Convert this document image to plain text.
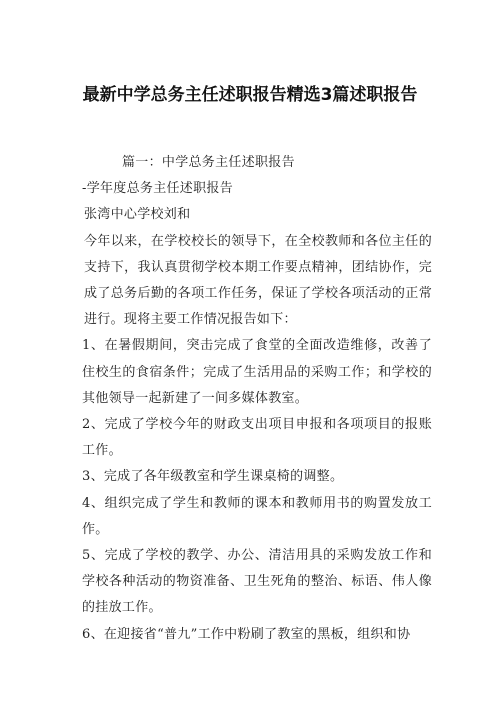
最新中学总务主任述职报告精选3篇述职报告

篇一：中学总务主任述职报告

-学年度总务主任述职报告

张湾中心学校刘和

今年以来，在学校校长的领导下，在全校教师和各位主任的支持下，我认真贯彻学校本期工作要点精神，团结协作，完成了总务后勤的各项工作任务，保证了学校各项活动的正常进行。现将主要工作情况报告如下：

1、在暑假期间，突击完成了食堂的全面改造维修，改善了住校生的食宿条件；完成了生活用品的采购工作；和学校的其他领导一起新建了一间多媒体教室。

2、完成了学校今年的财政支出项目申报和各项项目的报账工作。

3、完成了各年级教室和学生课桌椅的调整。

4、组织完成了学生和教师的课本和教师用书的购置发放工作。

5、完成了学校的教学、办公、清洁用具的采购发放工作和学校各种活动的物资准备、卫生死角的整治、标语、伟人像的挂放工作。

6、在迎接省“普九”工作中粉刷了教室的黑板，组织和协
